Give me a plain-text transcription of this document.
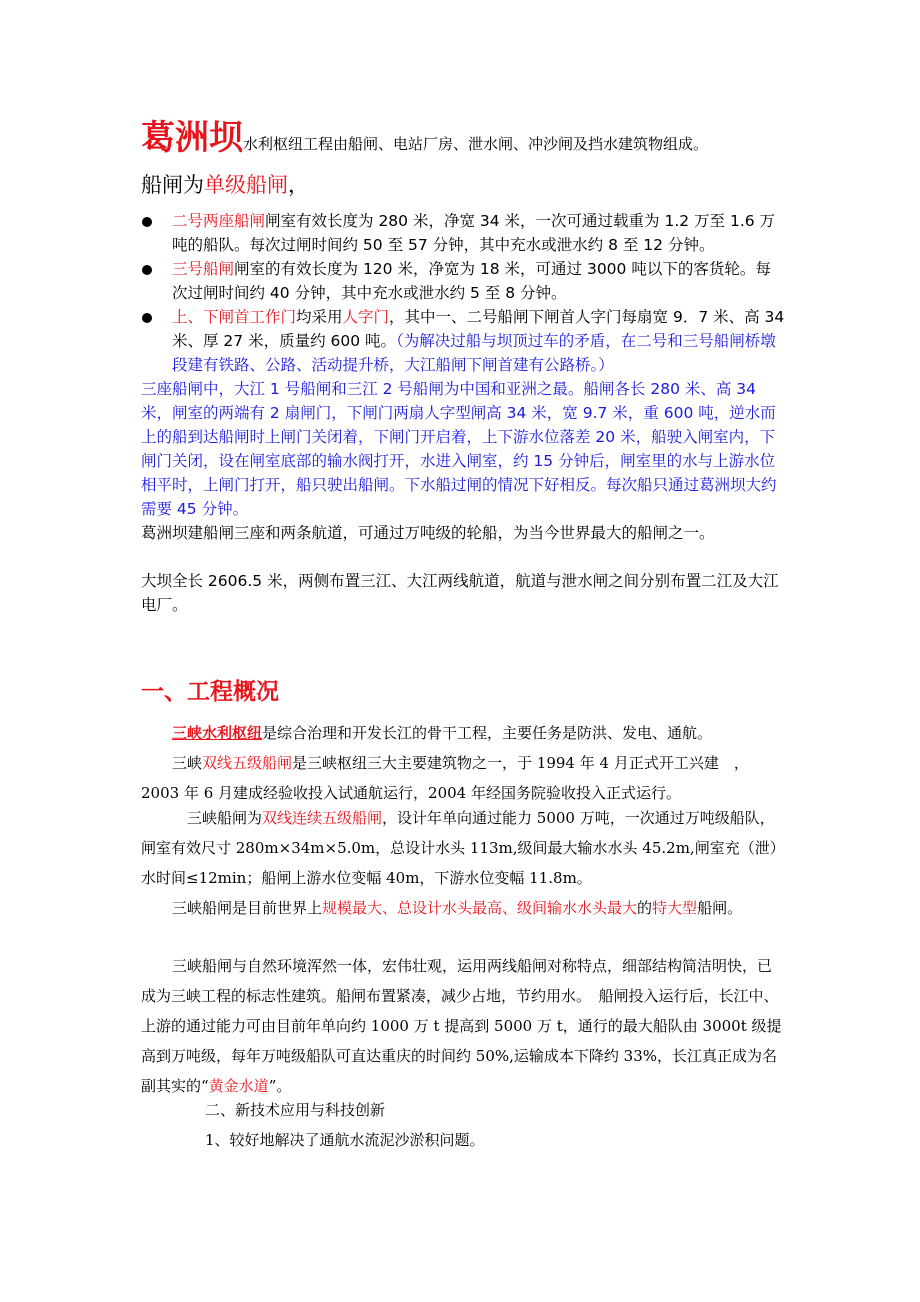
葛洲坝水利枢纽工程由船闸、电站厂房、泄水闸、冲沙闸及挡水建筑物组成。

船闸为单级船闸，

二号两座船闸闸室有效长度为 280 米，净宽 34 米，一次可通过载重为 1.2 万至 1.6 万吨的船队。每次过闸时间约 50 至 57 分钟，其中充水或泄水约 8 至 12 分钟。
三号船闸闸室的有效长度为 120 米，净宽为 18 米，可通过 3000 吨以下的客货轮。每次过闸时间约 40 分钟，其中充水或泄水约 5 至 8 分钟。
上、下闸首工作门均采用人字门，其中一、二号船闸下闸首人字门每扇宽 9．7 米、高 34 米、厚 27 米，质量约 600 吨。（为解决过船与坝顶过车的矛盾，在二号和三号船闸桥墩段建有铁路、公路、活动提升桥，大江船闸下闸首建有公路桥。）

三座船闸中，大江 1 号船闸和三江 2 号船闸为中国和亚洲之最。船闸各长 280 米、高 34 米，闸室的两端有 2 扇闸门，下闸门两扇人字型闸高 34 米，宽 9.7 米，重 600 吨，逆水而上的船到达船闸时上闸门关闭着，下闸门开启着，上下游水位落差 20 米，船驶入闸室内，下闸门关闭，设在闸室底部的输水阀打开，水进入闸室，约 15 分钟后，闸室里的水与上游水位相平时，上闸门打开，船只驶出船闸。下水船过闸的情况下好相反。每次船只通过葛洲坝大约需要 45 分钟。

葛洲坝建船闸三座和两条航道，可通过万吨级的轮船，为当今世界最大的船闸之一。

大坝全长 2606.5 米，两侧布置三江、大江两线航道，航道与泄水闸之间分别布置二江及大江电厂。

一、工程概况

三峡水利枢纽是综合治理和开发长江的骨干工程，主要任务是防洪、发电、通航。

三峡双线五级船闸是三峡枢纽三大主要建筑物之一，于 1994 年 4 月正式开工兴建　，2003 年 6 月建成经验收投入试通航运行，2004 年经国务院验收投入正式运行。

三峡船闸为双线连续五级船闸，设计年单向通过能力 5000 万吨，一次通过万吨级船队，闸室有效尺寸 280m×34m×5.0m，总设计水头 113m,级间最大输水水头 45.2m,闸室充（泄）水时间≤12min；船闸上游水位变幅 40m，下游水位变幅 11.8m。

三峡船闸是目前世界上规模最大、总设计水头最高、级间输水水头最大的特大型船闸。

三峡船闸与自然环境浑然一体，宏伟壮观，运用两线船闸对称特点，细部结构简洁明快，已成为三峡工程的标志性建筑。船闸布置紧凑，减少占地，节约用水。　船闸投入运行后，长江中、上游的通过能力可由目前年单向约 1000 万 t 提高到 5000 万 t，通行的最大船队由 3000t 级提高到万吨级，每年万吨级船队可直达重庆的时间约 50%,运输成本下降约 33%，长江真正成为名副其实的“黄金水道”。

二、新技术应用与科技创新

1、较好地解决了通航水流泥沙淤积问题。
